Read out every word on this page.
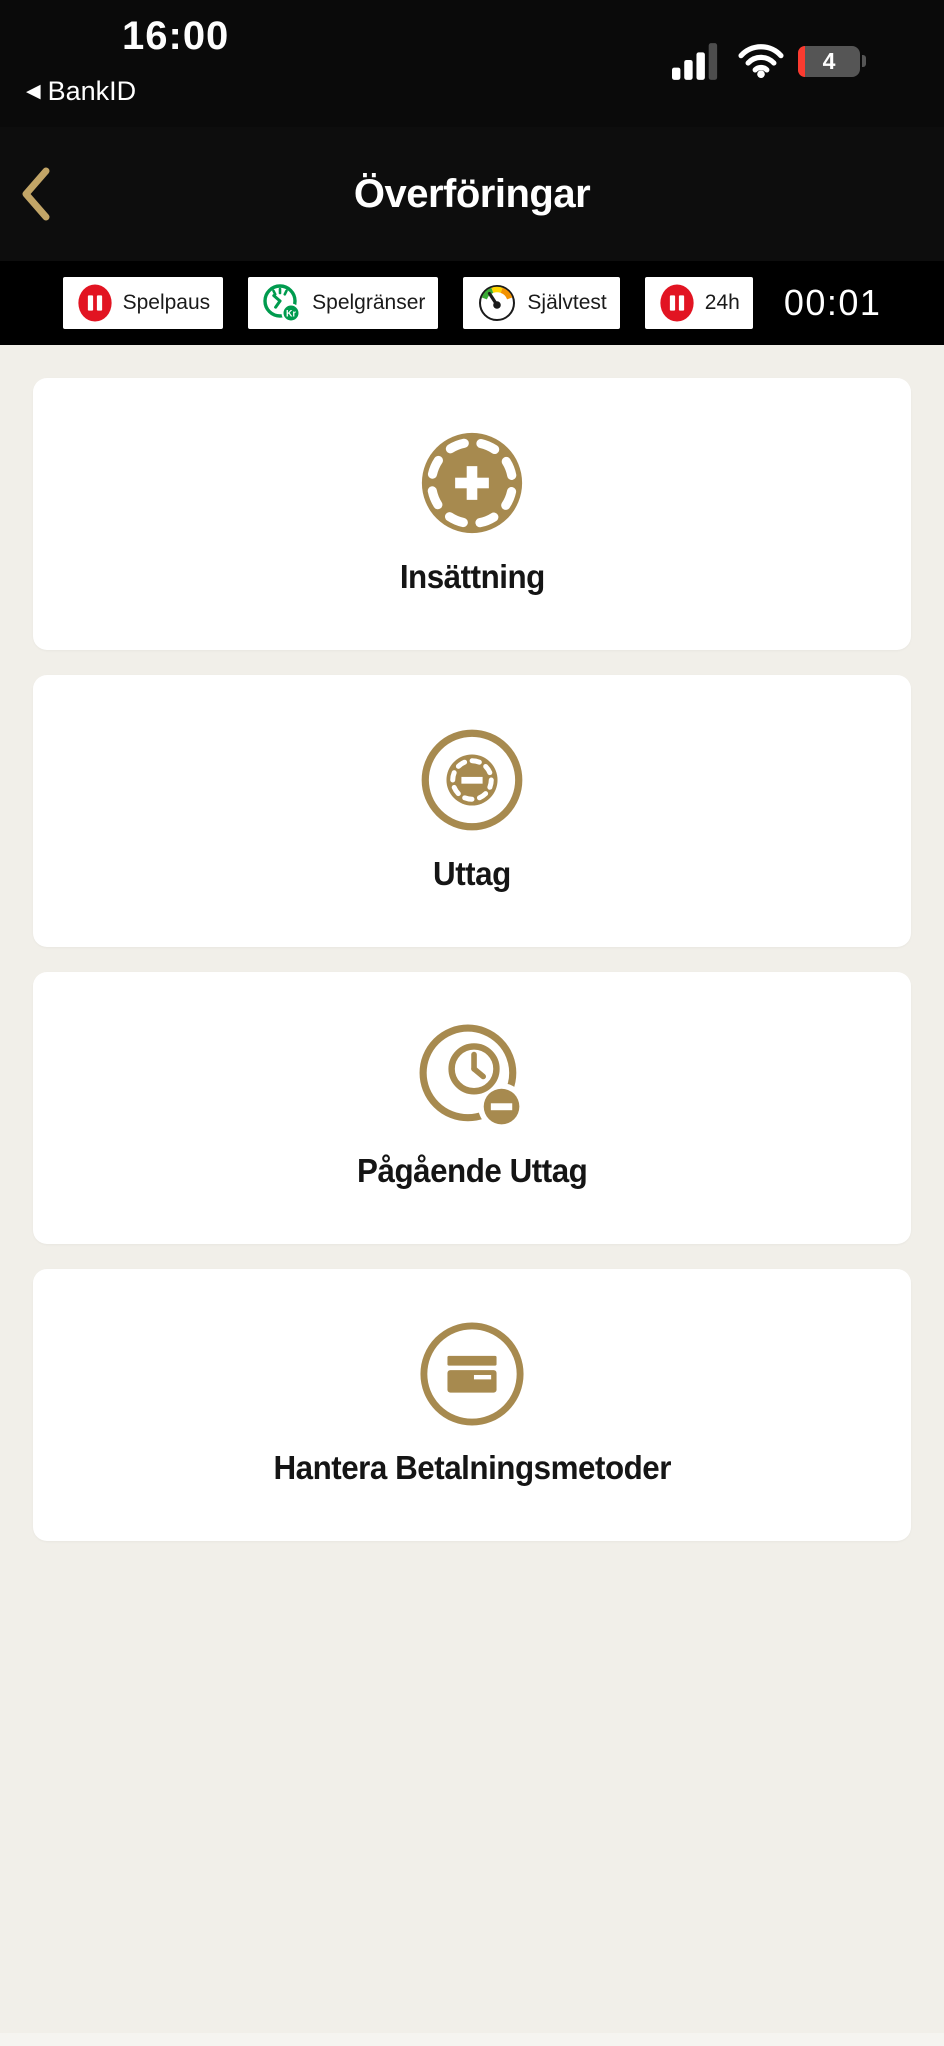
16:00
◀ BankID
4
Överföringar
Spelpaus	Kr Spelgränser	Självtest	24h 00:01
Insättning
Uttag
Pågående Uttag
Hantera Betalningsmetoder
